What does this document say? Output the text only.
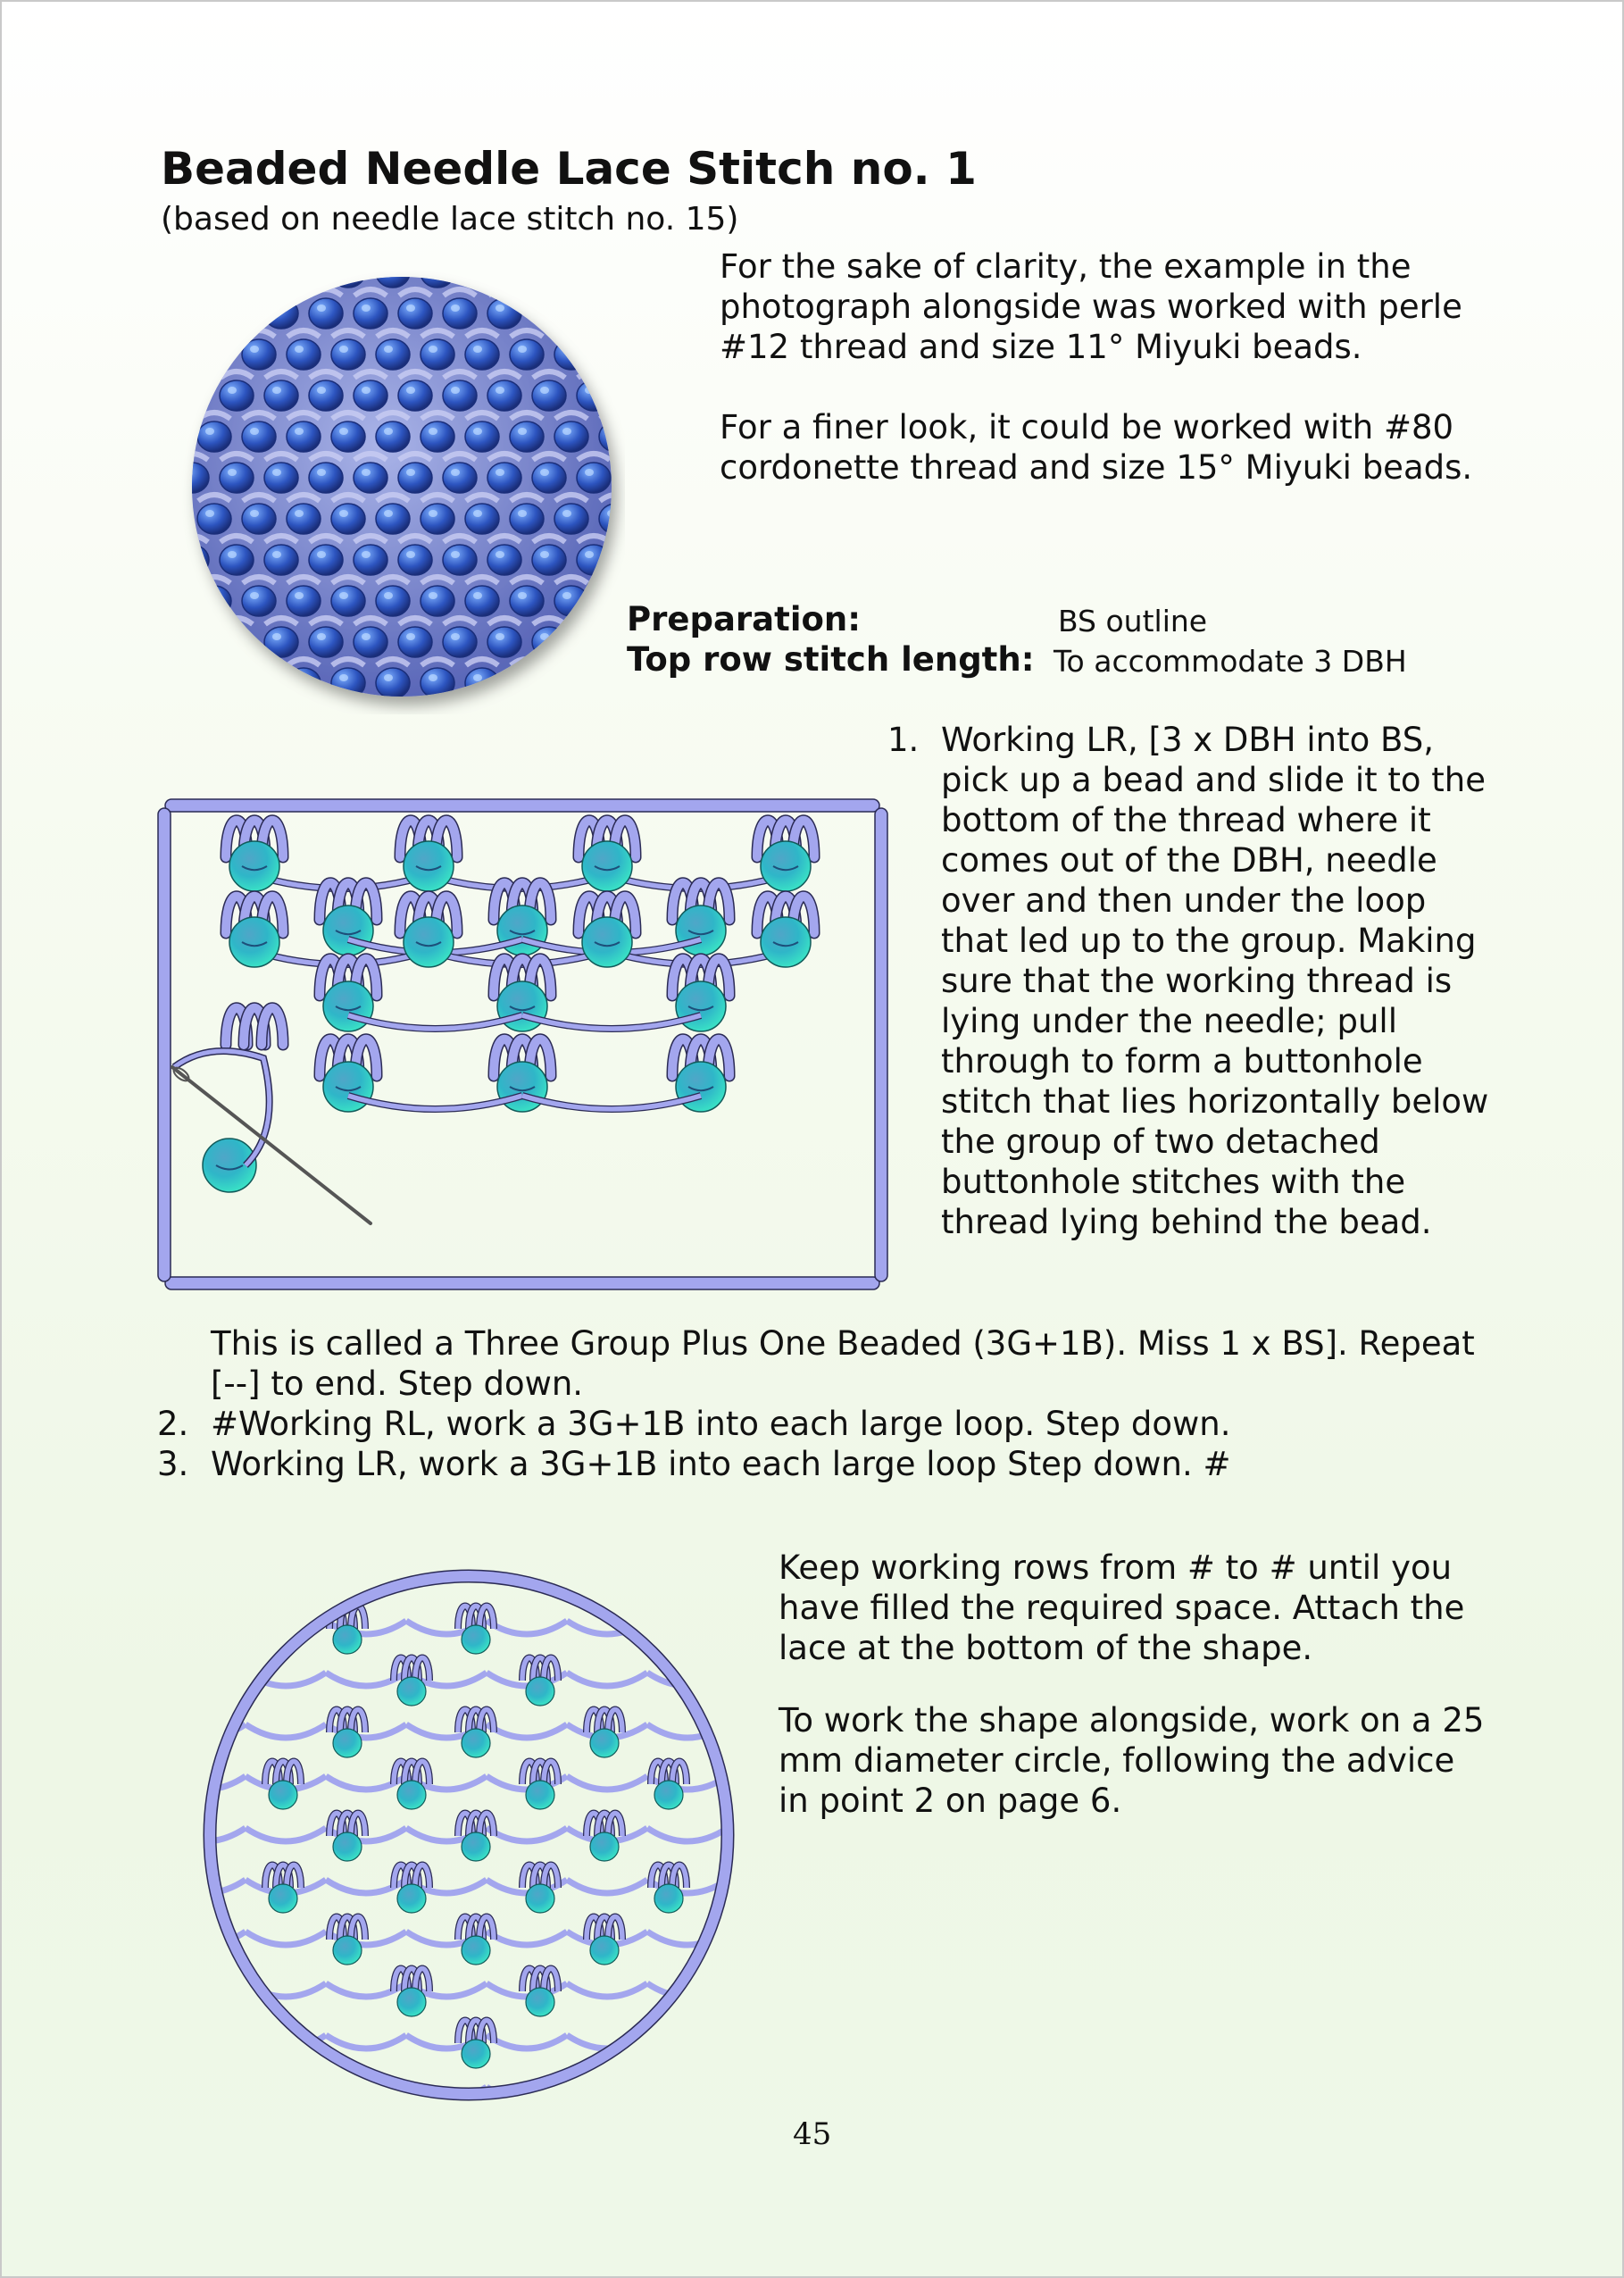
Beaded Needle Lace Stitch no. 1
(based on needle lace stitch no. 15)

For the sake of clarity, the example in the photograph alongside was worked with perle #12 thread and size 11° Miyuki beads.

For a finer look, it could be worked with #80 cordonette thread and size 15° Miyuki beads.

Preparation:	BS outline
Top row stitch length: To accommodate 3 DBH
1. Working LR, [3 x DBH into BS, pick up a bead and slide it to the bottom of the thread where it comes out of the DBH, needle over and then under the loop that led up to the group. Making sure that the working thread is lying under the needle; pull through to form a buttonhole stitch that lies horizontally below the group of two detached buttonhole stitches with the thread lying behind the bead.
This is called a Three Group Plus One Beaded (3G+1B). Miss 1 x BS]. Repeat [--] to end. Step down.
2. #Working RL, work a 3G+1B into each large loop. Step down.
3. Working LR, work a 3G+1B into each large loop Step down. #

Keep working rows from # to # until you have filled the required space. Attach the lace at the bottom of the shape.

To work the shape alongside, work on a 25 mm diameter circle, following the advice in point 2 on page 6.

45
